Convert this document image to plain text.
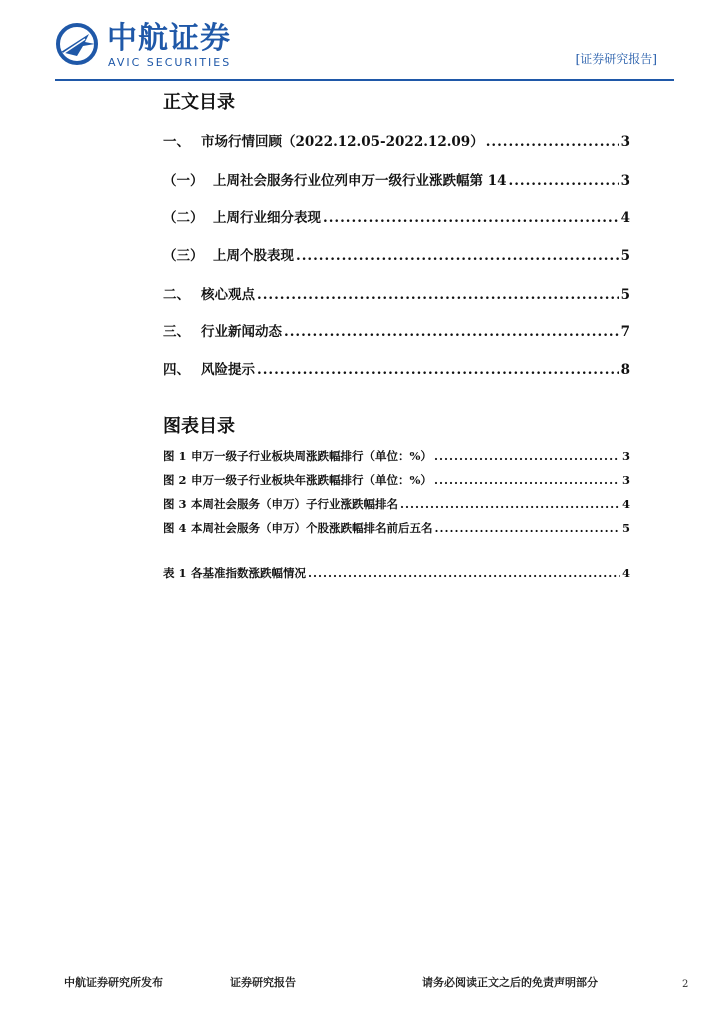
中航证券
AVIC SECURITIES	[证券研究报告]
正文目录
一、 市场行情回顾（2022.12.05-2022.12.09） .....	3
（一） 上周社会服务行业位列申万一级行业涨跌幅第 14 .....	3
（二） 上周行业细分表现 .....	4
（三） 上周个股表现 .....	5
二、 核心观点 .....	5
三、 行业新闻动态 .....	7
四、 风险提示 .....	8
图表目录
图 1 申万一级子行业板块周涨跌幅排行（单位：%） .....	3
图 2 申万一级子行业板块年涨跌幅排行（单位：%） .....	3
图 3 本周社会服务（申万）子行业涨跌幅排名 .....	4
图 4 本周社会服务（申万）个股涨跌幅排名前后五名 .....	5
表 1 各基准指数涨跌幅情况 .....	4
中航证券研究所发布	证券研究报告	请务必阅读正文之后的免责声明部分	2
